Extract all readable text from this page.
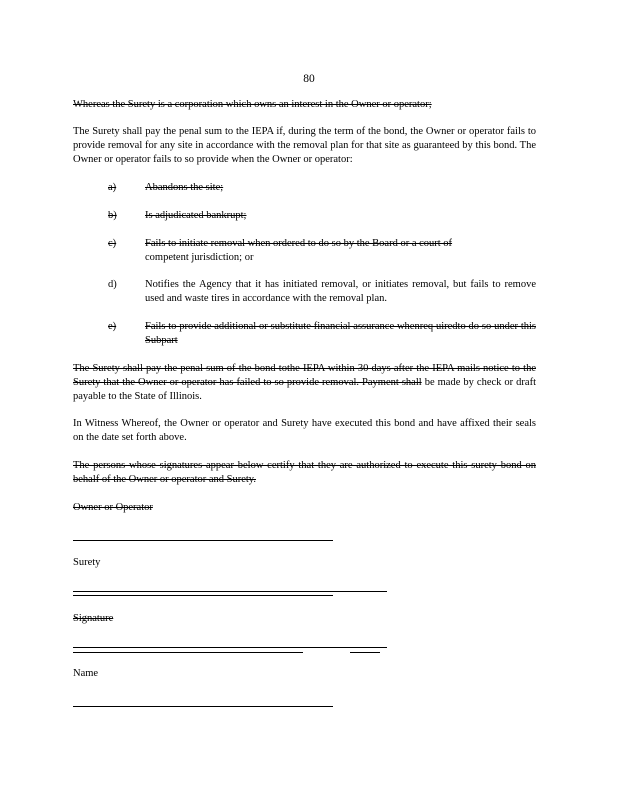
80
Whereas the Surety is a corporation which owns an interest in the Owner or operator;
The Surety shall pay the penal sum to the IEPA if, during the term of the bond, the Owner or operator fails to provide removal for any site in accordance with the removal plan for that site as guaranteed by this bond. The Owner or operator fails to so provide when the Owner or operator:
a)	Abandons the site;
b)	Is adjudicated bankrupt;
c)	Fails to initiate removal when ordered to do so by the Board or a court of
competent jurisdiction; or
d)	Notifies the Agency that it has initiated removal, or initiates removal, but fails to remove used and waste tires in accordance with the removal plan.
e)	Fails to provide additional or substitute financial assurance whenreq uiredto do so under this Subpart
The Surety shall pay the penal sum of the bond tothe IEPA within 30 days after the IEPA mails notice to the Surety that the Owner or operator has failed to so provide removal. Payment shall be made by check or draft payable to the State of Illinois.
In Witness Whereof, the Owner or operator and Surety have executed this bond and have affixed their seals on the date set forth above.
The persons whose signatures appear below certify that they are authorized to execute this surety bond on behalf of the Owner or operator and Surety.
Owner or Operator
Surety
Signature
Name
